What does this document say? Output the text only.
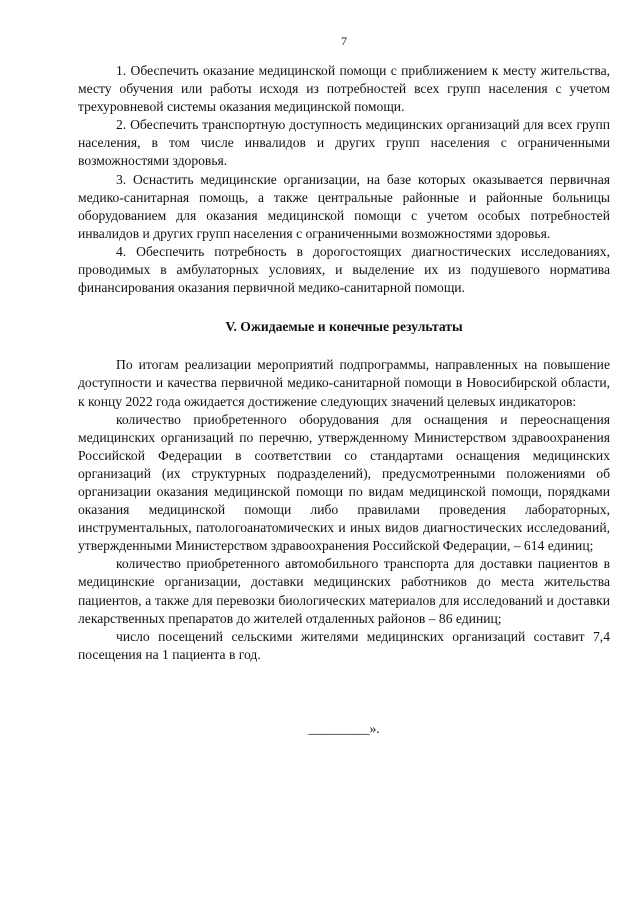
7

1. Обеспечить оказание медицинской помощи с приближением к месту жительства, месту обучения или работы исходя из потребностей всех групп населения с учетом трехуровневой системы оказания медицинской помощи.

2. Обеспечить транспортную доступность медицинских организаций для всех групп населения, в том числе инвалидов и других групп населения с ограниченными возможностями здоровья.

3. Оснастить медицинские организации, на базе которых оказывается первичная медико-санитарная помощь, а также центральные районные и районные больницы оборудованием для оказания медицинской помощи с учетом особых потребностей инвалидов и других групп населения с ограниченными возможностями здоровья.

4. Обеспечить потребность в дорогостоящих диагностических исследованиях, проводимых в амбулаторных условиях, и выделение их из подушевого норматива финансирования оказания первичной медико-санитарной помощи.

V. Ожидаемые и конечные результаты

По итогам реализации мероприятий подпрограммы, направленных на повышение доступности и качества первичной медико-санитарной помощи в Новосибирской области, к концу 2022 года ожидается достижение следующих значений целевых индикаторов:

количество приобретенного оборудования для оснащения и переоснащения медицинских организаций по перечню, утвержденному Министерством здравоохранения Российской Федерации в соответствии со стандартами оснащения медицинских организаций (их структурных подразделений), предусмотренными положениями об организации оказания медицинской помощи по видам медицинской помощи, порядками оказания медицинской помощи либо правилами проведения лабораторных, инструментальных, патологоанатомических и иных видов диагностических исследований, утвержденными Министерством здравоохранения Российской Федерации, – 614 единиц;

количество приобретенного автомобильного транспорта для доставки пациентов в медицинские организации, доставки медицинских работников до места жительства пациентов, а также для перевозки биологических материалов для исследований и доставки лекарственных препаратов до жителей отдаленных районов – 86 единиц;

число посещений сельскими жителями медицинских организаций составит 7,4 посещения на 1 пациента в год.

_________».
